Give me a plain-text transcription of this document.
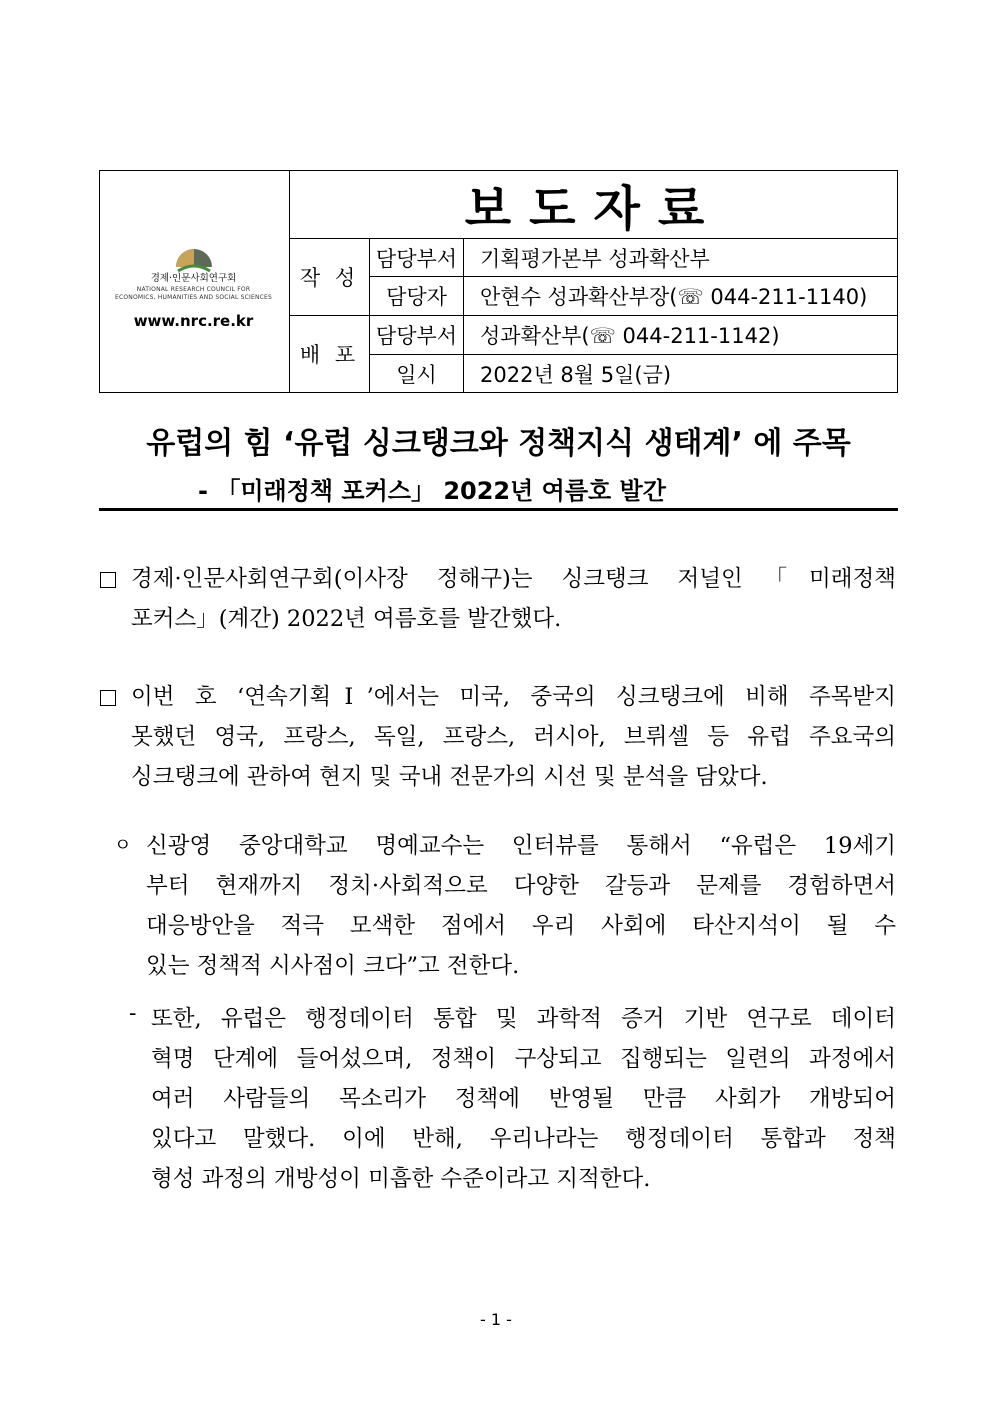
보도자료
작 성
배 포
담당부서 기획평가본부 성과확산부
담당자	안현수 성과확산부장(☏ 044-211-1140)
담당부서 성과확산부(☏ 044-211-1142)
일시	2022년 8월 5일(금)
경제·인문사회연구회
NATIONAL RESEARCH COUNCIL FOR
ECONOMICS, HUMANITIES AND SOCIAL SCIENCES
www.nrc.re.kr
유럽의 힘 ‘유럽 싱크탱크와 정책지식 생태계’ 에 주목
- 「미래정책 포커스」 2022년 여름호 발간
경제·인문사회연구회(이사장 정해구)는 싱크탱크 저널인「미래정책
포커스」(계간) 2022년 여름호를 발간했다.
이번 호 ‘연속기획Ⅰ’에서는 미국, 중국의 싱크탱크에 비해 주목받지
못했던 영국, 프랑스, 독일, 프랑스, 러시아, 브뤼셀 등 유럽 주요국의
싱크탱크에 관하여 현지 및 국내 전문가의 시선 및 분석을 담았다.
ㅇ 신광영 중앙대학교 명예교수는 인터뷰를 통해서 “유럽은 19세기
부터 현재까지 정치·사회적으로 다양한 갈등과 문제를 경험하면서
대응방안을 적극 모색한 점에서 우리 사회에 타산지석이 될 수
있는 정책적 시사점이 크다”고 전한다.
- 또한, 유럽은 행정데이터 통합 및 과학적 증거 기반 연구로 데이터
혁명 단계에 들어섰으며, 정책이 구상되고 집행되는 일련의 과정에서
여러 사람들의 목소리가 정책에 반영될 만큼 사회가 개방되어
있다고 말했다. 이에 반해, 우리나라는 행정데이터 통합과 정책
형성 과정의 개방성이 미흡한 수준이라고 지적한다.
- 1 -
